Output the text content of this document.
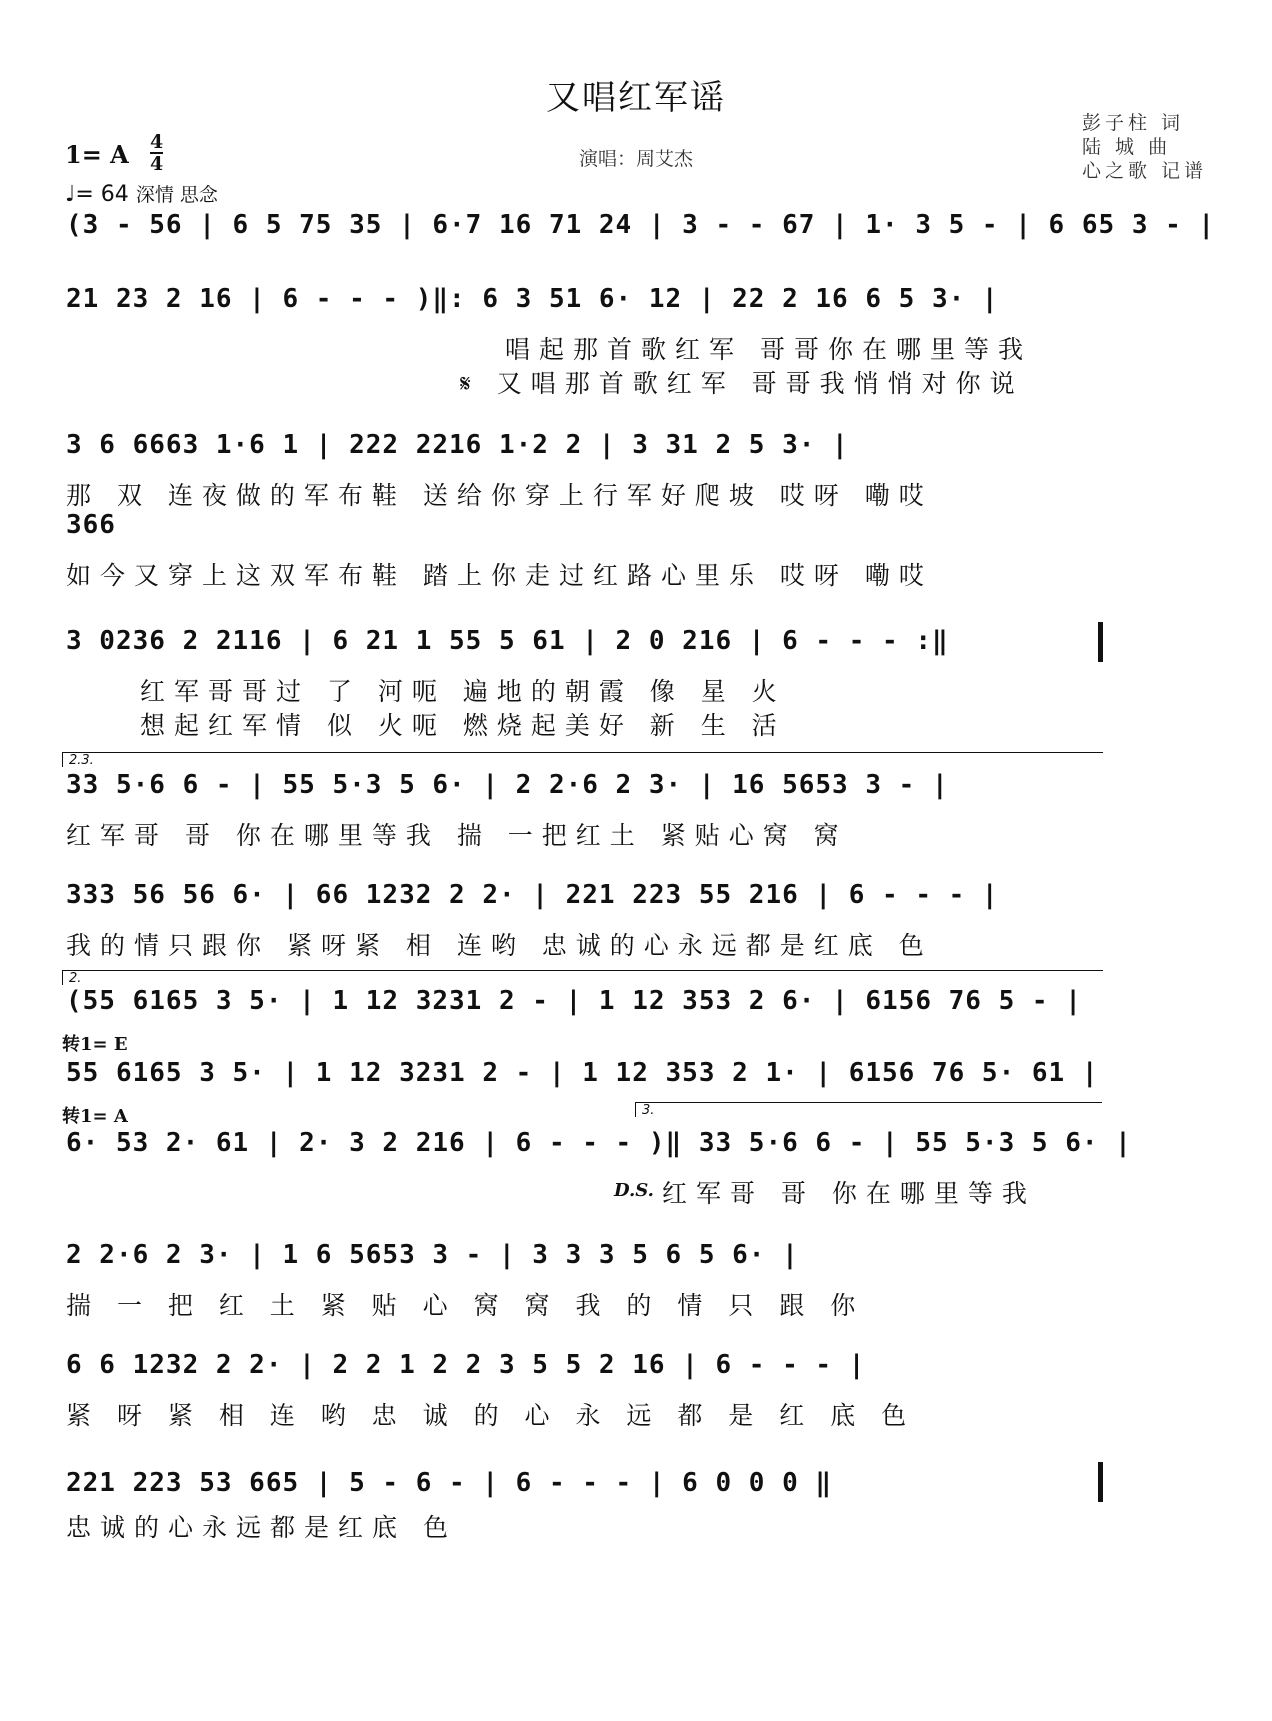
又唱红军谣
1= A 4
4
♩= 64 深情 思念
演唱：周艾杰
彭子柱 词
陆 城 曲
心之歌 记谱
(3 - 56 | 6 5 75 35 | 6·7 16 71 24 | 3 - - 67 | 1· 3 5 - | 6 65 3 - |
21 23 2 16 | 6 - - - )‖: 6 3 51 6· 12 | 22 2 16 6 5 3· |
唱起那首歌红军 哥哥你在哪里等我
𝄋 又唱那首歌红军 哥哥我悄悄对你说
3 6 6663 1·6 1 | 222 2216 1·2 2 | 3 31 2 5 3· |
那 双 连夜做的军布鞋 送给你穿上行军好爬坡 哎呀 嘞哎
366
如今又穿上这双军布鞋 踏上你走过红路心里乐 哎呀 嘞哎
3 0236 2 2116 | 6 21 1 55 5 61 | 2 0 216 | 6 - - - :‖
红军哥哥过 了 河呃 遍地的朝霞 像 星 火
想起红军情 似 火呃 燃烧起美好 新 生 活
2.3.
33 5·6 6 - | 55 5·3 5 6· | 2 2·6 2 3· | 16 5653 3 - |
红军哥 哥 你在哪里等我 揣 一把红土 紧贴心窝 窝
333 56 56 6· | 66 1232 2 2· | 221 223 55 216 | 6 - - - |
我的情只跟你 紧呀紧 相 连哟 忠诚的心永远都是红底 色
2.
(55 6165 3 5· | 1 12 3231 2 - | 1 12 353 2 6· | 6156 76 5 - |
转1= E
55 6165 3 5· | 1 12 3231 2 - | 1 12 353 2 1· | 6156 76 5· 61 |
转1= A	3.
6· 53 2· 61 | 2· 3 2 216 | 6 - - - )‖ 33 5·6 6 - | 55 5·3 5 6· |
D.S. 红军哥 哥 你在哪里等我
2 2·6 2 3· | 1 6 5653 3 - | 3 3 3 5 6 5 6· |
揣 一 把 红 土 紧 贴 心 窝 窝 我 的 情 只 跟 你
6 6 1232 2 2· | 2 2 1 2 2 3 5 5 2 16 | 6 - - - |
紧 呀 紧 相 连 哟 忠 诚 的 心 永 远 都 是 红 底 色
221 223 53 665 | 5 - 6 - | 6 - - - | 6 0 0 0 ‖
忠诚的心永远都是红底 色
